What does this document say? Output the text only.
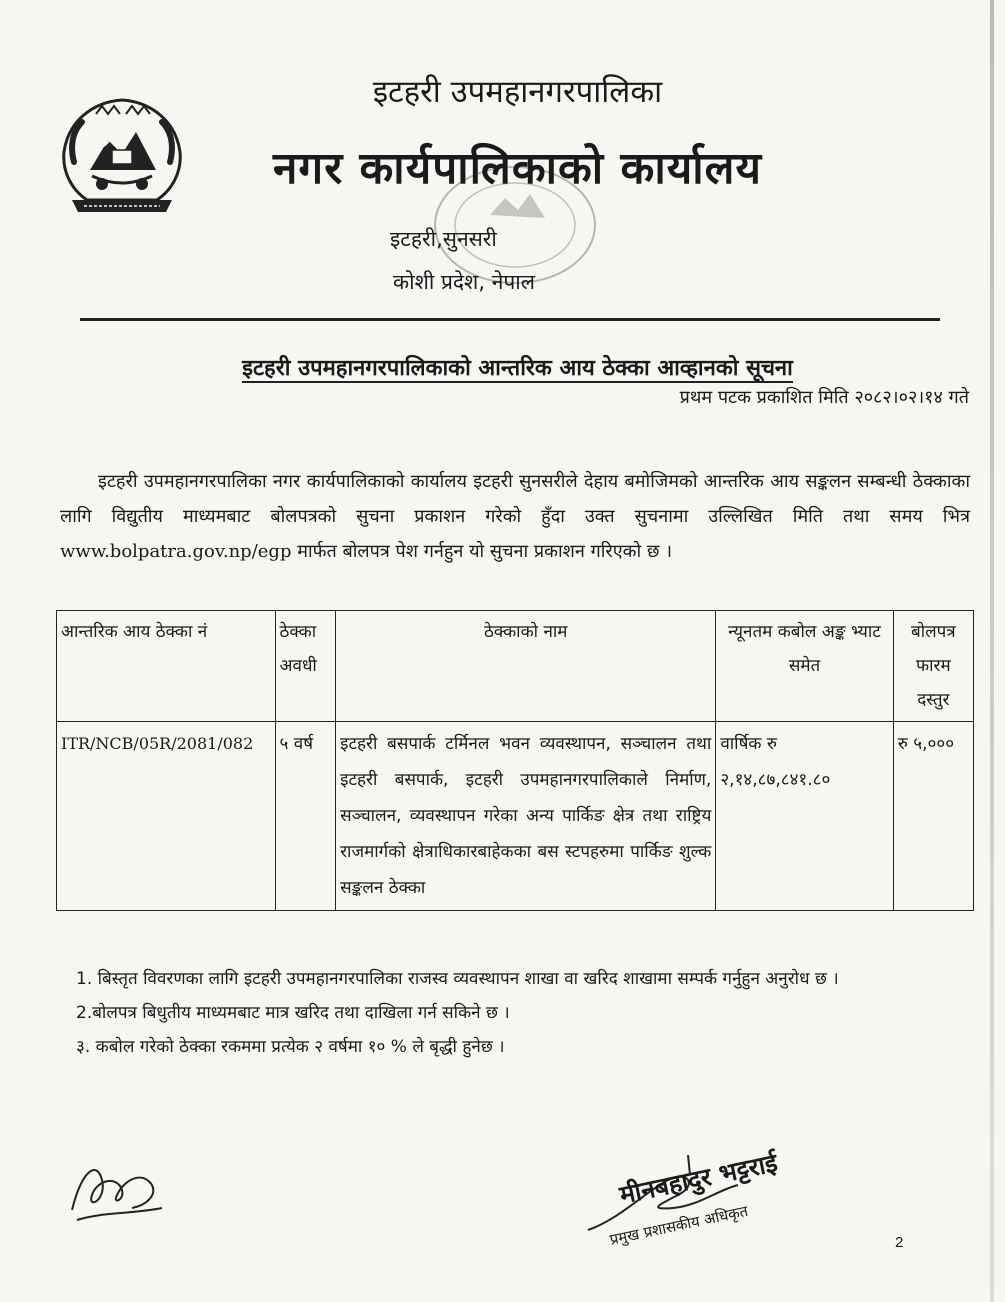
इटहरी उपमहानगरपालिका
नगर कार्यपालिकाको कार्यालय
इटहरी,सुनसरी
कोशी प्रदेश, नेपाल
इटहरी उपमहानगरपालिकाको आन्तरिक आय ठेक्का आव्हानको सूचना
प्रथम पटक प्रकाशित मिति २०८२।०२।१४ गते
इटहरी उपमहानगरपालिका नगर कार्यपालिकाको कार्यालय इटहरी सुनसरीले देहाय बमोजिमको आन्तरिक आय सङ्कलन सम्बन्धी ठेक्काका लागि विद्युतीय माध्यमबाट बोलपत्रको सुचना प्रकाशन गरेको हुँदा उक्त सुचनामा उल्लिखित मिति तथा समय भित्र www.bolpatra.gov.np/egp मार्फत बोलपत्र पेश गर्नहुन यो सुचना प्रकाशन गरिएको छ ।
आन्तरिक आय ठेक्का नं	ठेक्का अवधी	ठेक्काको नाम	न्यूनतम कबोल अङ्क भ्याट समेत	बोलपत्र फारम दस्तुर
ITR/NCB/05R/2081/082	५ वर्ष	इटहरी बसपार्क टर्मिनल भवन व्यवस्थापन, सञ्चालन तथा इटहरी बसपार्क, इटहरी उपमहानगरपालिकाले निर्माण, सञ्चालन, व्यवस्थापन गरेका अन्य पार्किङ क्षेत्र तथा राष्ट्रिय राजमार्गको क्षेत्राधिकारबाहेकका बस स्टपहरुमा पार्किङ शुल्क सङ्कलन ठेक्का	वार्षिक रु २,१४,८७,८४१.८०	रु ५,०००

1. बिस्तृत विवरणका लागि इटहरी उपमहानगरपालिका राजस्व व्यवस्थापन शाखा वा खरिद शाखामा सम्पर्क गर्नुहुन अनुरोध छ ।

2.बोलपत्र बिधुतीय माध्यमबाट मात्र खरिद तथा दाखिला गर्न सकिने छ ।

३. कबोल गरेको ठेक्का रकममा प्रत्येक २ वर्षमा १० % ले बृद्धी हुनेछ ।

मीनबहादुर भट्टराई
प्रमुख प्रशासकीय अधिकृत	2
